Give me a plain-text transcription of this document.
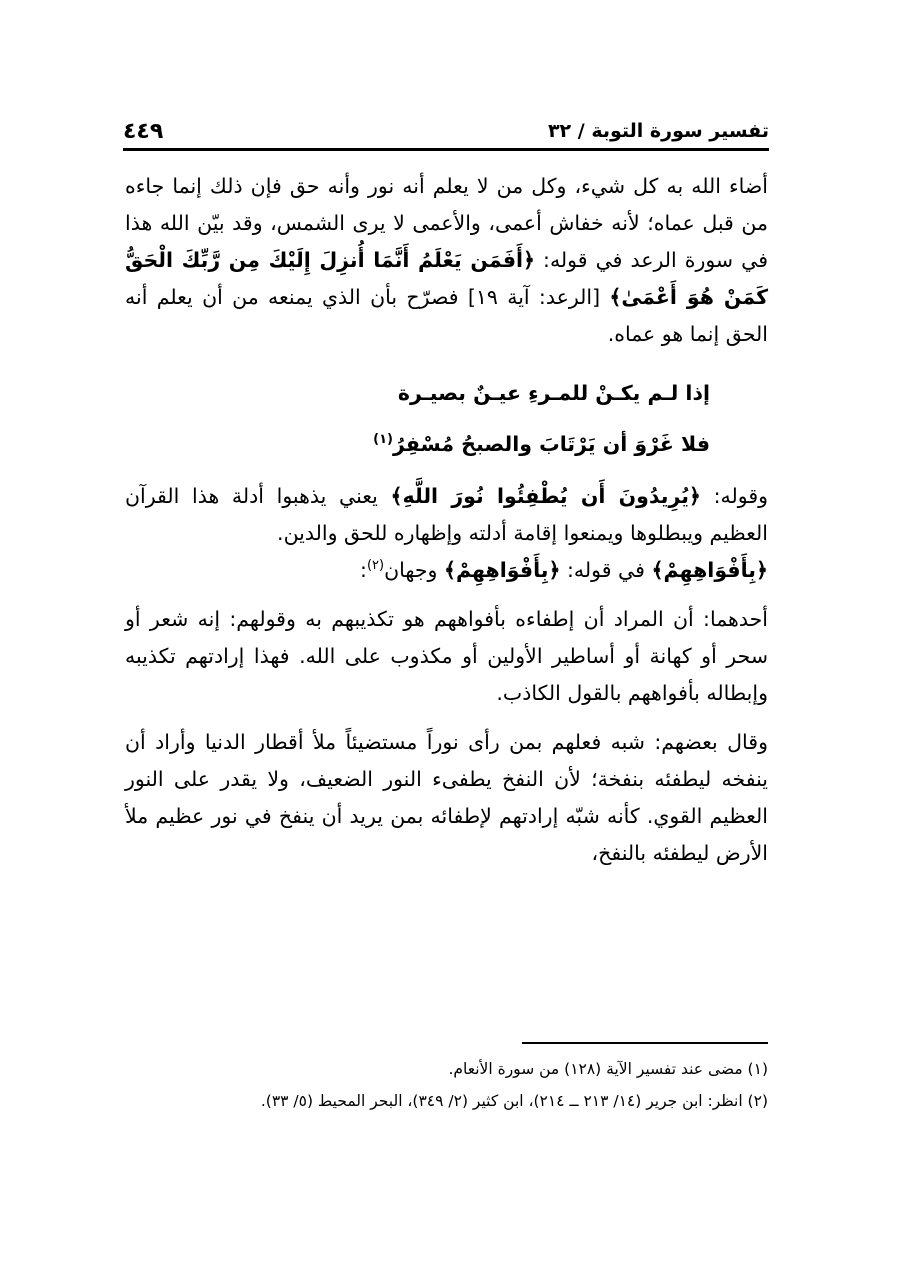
تفسير سورة التوبة / ٣٢
٤٤٩

أضاء الله به كل شيء، وكل من لا يعلم أنه نور وأنه حق فإن ذلك إنما جاءه من قبل عماه؛ لأنه خفاش أعمى، والأعمى لا يرى الشمس، وقد بيّن الله هذا في سورة الرعد في قوله: ﴿أَفَمَن يَعْلَمُ أَنَّمَا أُنزِلَ إِلَيْكَ مِن رَّبِّكَ الْحَقُّ كَمَنْ هُوَ أَعْمَىٰ﴾ [الرعد: آية ١٩] فصرّح بأن الذي يمنعه من أن يعلم أنه الحق إنما هو عماه.

إذا لـم يكـنْ للمـرءِ عيـنٌ بصيـرة
فلا غَرْوَ أن يَرْتَابَ والصبحُ مُسْفِرُ$^{(١)}$

وقوله: ﴿يُرِيدُونَ أَن يُطْفِئُوا نُورَ اللَّهِ﴾ يعني يذهبوا أدلة هذا القرآن العظيم ويبطلوها ويمنعوا إقامة أدلته وإظهاره للحق والدين.

﴿بِأَفْوَاهِهِمْ﴾ في قوله: ﴿بِأَفْوَاهِهِمْ﴾ وجهان$^{(٢)}$:

أحدهما: أن المراد أن إطفاءه بأفواههم هو تكذيبهم به وقولهم: إنه شعر أو سحر أو كهانة أو أساطير الأولين أو مكذوب على الله. فهذا إرادتهم تكذيبه وإبطاله بأفواههم بالقول الكاذب.

وقال بعضهم: شبه فعلهم بمن رأى نوراً مستضيئاً ملأ أقطار الدنيا وأراد أن ينفخه ليطفئه بنفخة؛ لأن النفخ يطفىء النور الضعيف، ولا يقدر على النور العظيم القوي. كأنه شبّه إرادتهم لإطفائه بمن يريد أن ينفخ في نور عظيم ملأ الأرض ليطفئه بالنفخ،

(١) مضى عند تفسير الآية (١٢٨) من سورة الأنعام.

(٢) انظر: ابن جرير (١٤/ ٢١٣ ــ ٢١٤)، ابن كثير (٢/ ٣٤٩)، البحر المحيط (٥/ ٣٣).
